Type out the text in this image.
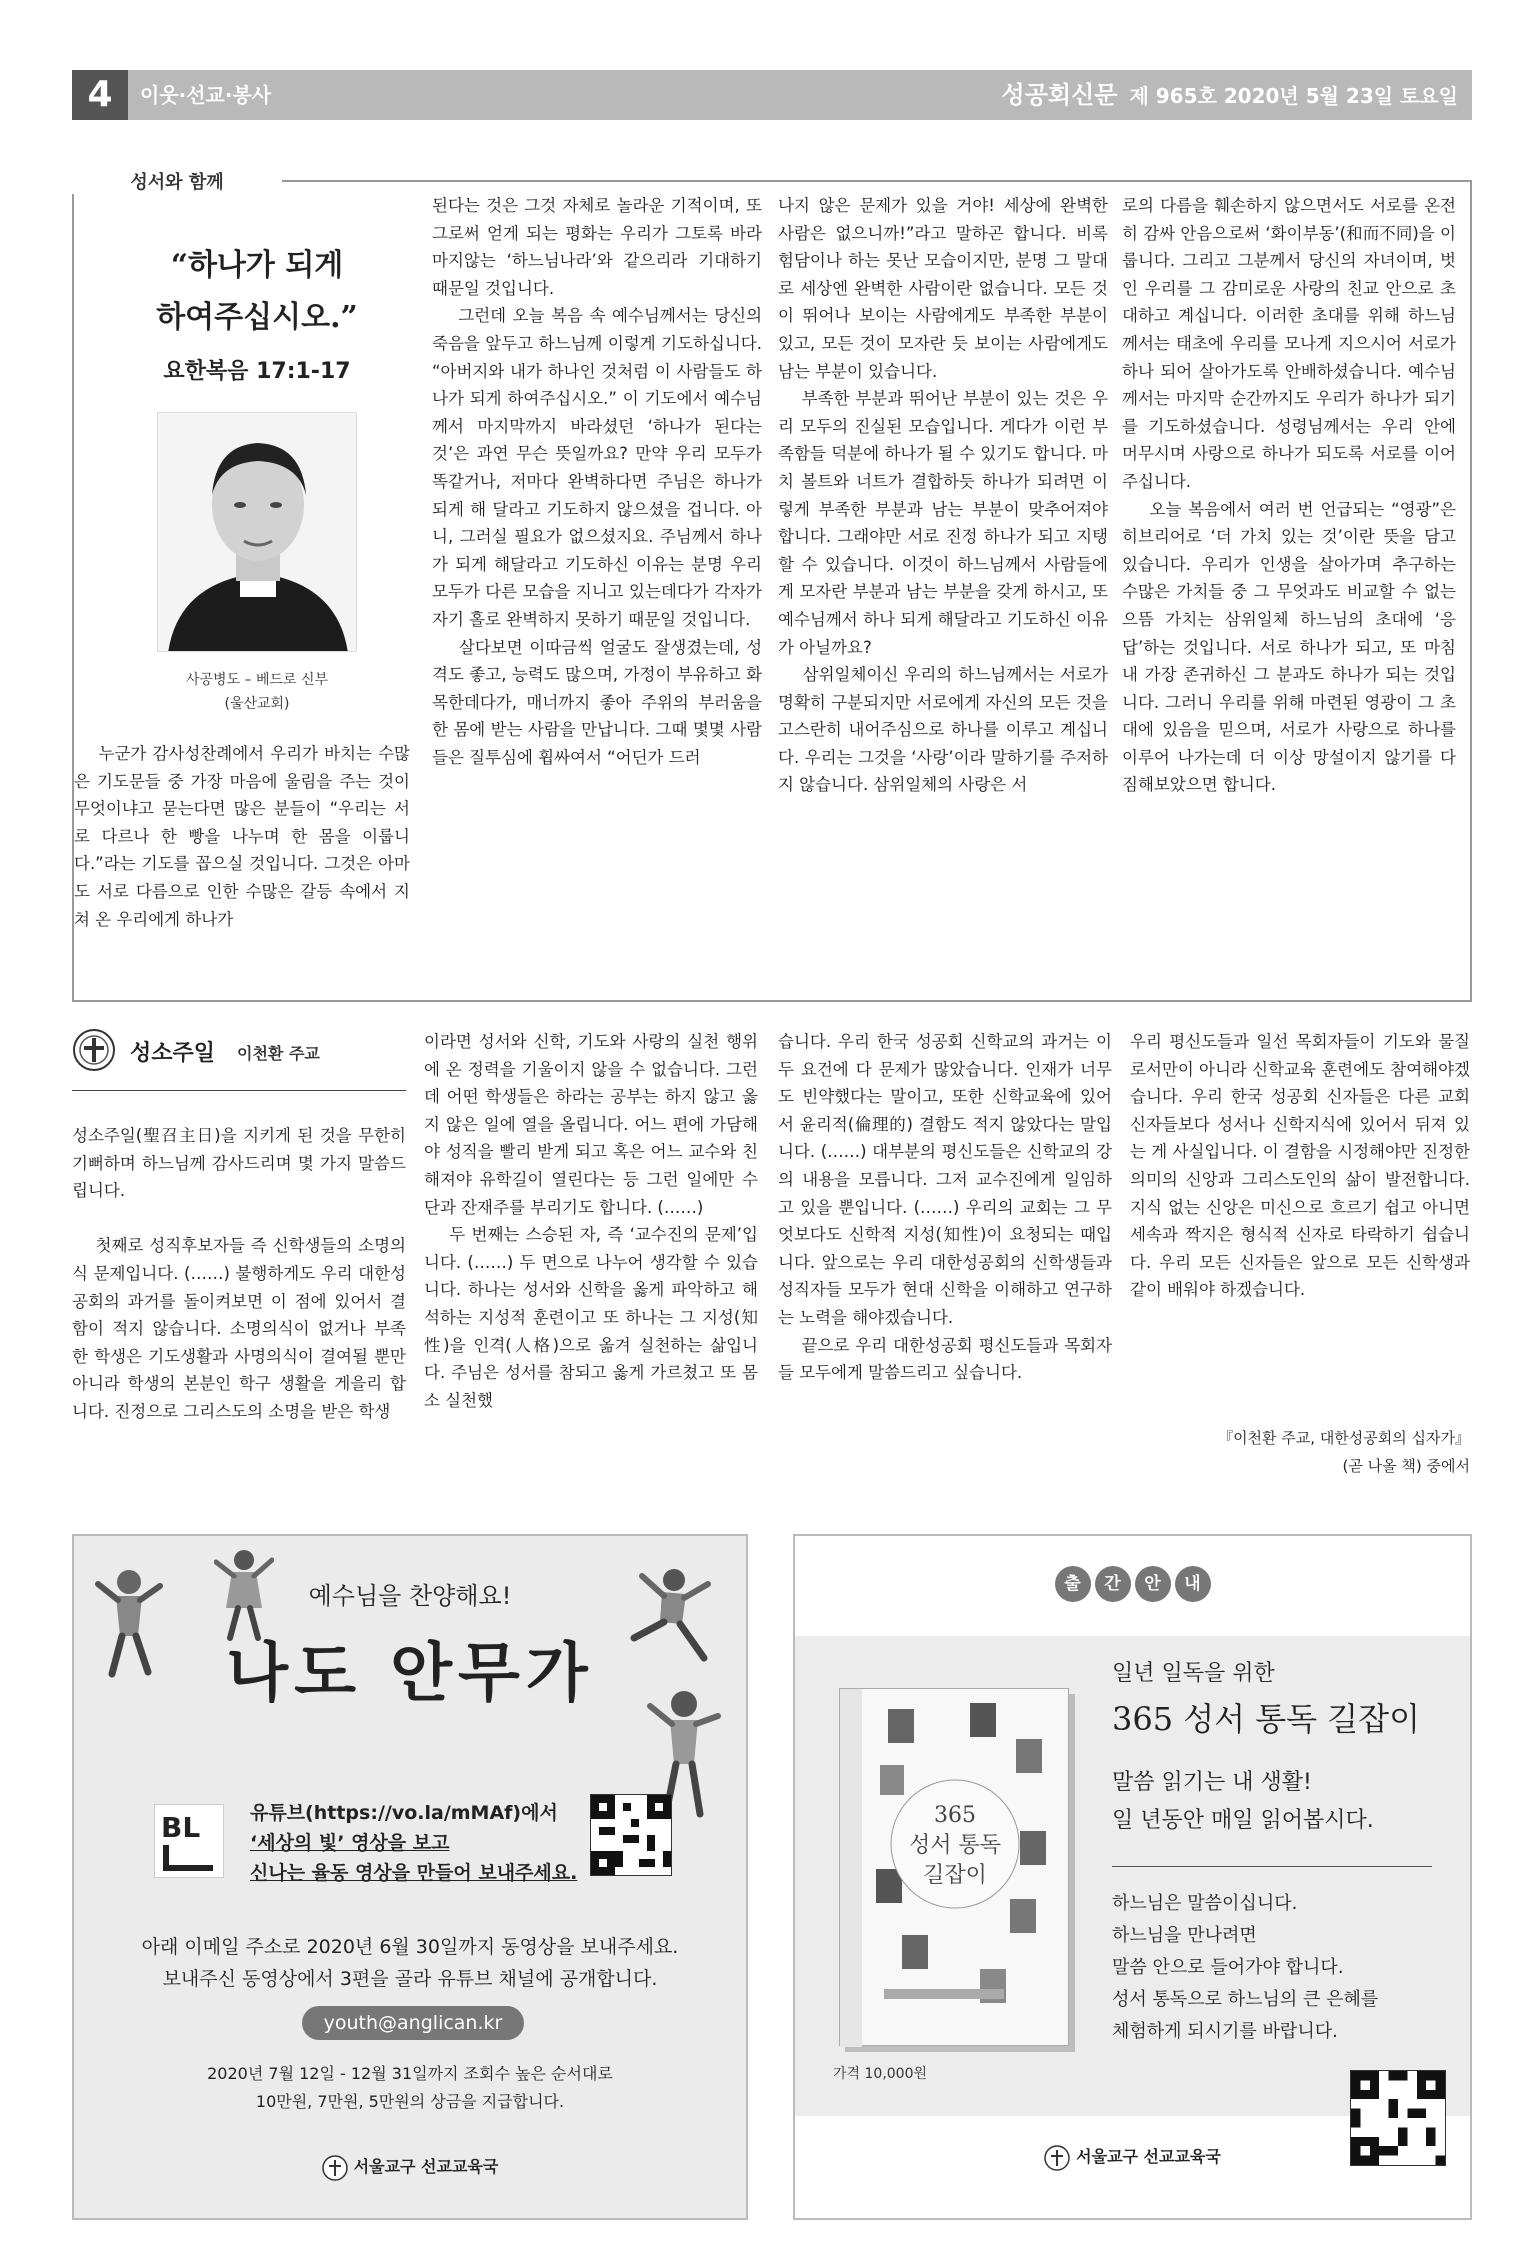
4	이웃·선교·봉사	성공회신문 제 965호 2020년 5월 23일 토요일
성서와 함께
“하나가 되게
하여주십시오.”
요한복음 17:1-17
사공병도 – 베드로 신부
(울산교회)
누군가 감사성찬례에서 우리가 바치는 수많은 기도문들 중 가장 마음에 울림을 주는 것이 무엇이냐고 묻는다면 많은 분들이 “우리는 서로 다르나 한 빵을 나누며 한 몸을 이룹니다.”라는 기도를 꼽으실 것입니다. 그것은 아마도 서로 다름으로 인한 수많은 갈등 속에서 지쳐 온 우리에게 하나가
된다는 것은 그것 자체로 놀라운 기적이며, 또 그로써 얻게 되는 평화는 우리가 그토록 바라 마지않는 ‘하느님나라’와 같으리라 기대하기 때문일 것입니다.
그런데 오늘 복음 속 예수님께서는 당신의 죽음을 앞두고 하느님께 이렇게 기도하십니다. “아버지와 내가 하나인 것처럼 이 사람들도 하나가 되게 하여주십시오.” 이 기도에서 예수님께서 마지막까지 바라셨던 ‘하나가 된다는 것’은 과연 무슨 뜻일까요? 만약 우리 모두가 똑같거나, 저마다 완벽하다면 주님은 하나가 되게 해 달라고 기도하지 않으셨을 겁니다. 아니, 그러실 필요가 없으셨지요. 주님께서 하나가 되게 해달라고 기도하신 이유는 분명 우리 모두가 다른 모습을 지니고 있는데다가 각자가 자기 홀로 완벽하지 못하기 때문일 것입니다.
살다보면 이따금씩 얼굴도 잘생겼는데, 성격도 좋고, 능력도 많으며, 가정이 부유하고 화목한데다가, 매너까지 좋아 주위의 부러움을 한 몸에 받는 사람을 만납니다. 그때 몇몇 사람들은 질투심에 휩싸여서 “어딘가 드러
나지 않은 문제가 있을 거야! 세상에 완벽한 사람은 없으니까!”라고 말하곤 합니다. 비록 험담이나 하는 못난 모습이지만, 분명 그 말대로 세상엔 완벽한 사람이란 없습니다. 모든 것이 뛰어나 보이는 사람에게도 부족한 부분이 있고, 모든 것이 모자란 듯 보이는 사람에게도 남는 부분이 있습니다.
부족한 부분과 뛰어난 부분이 있는 것은 우리 모두의 진실된 모습입니다. 게다가 이런 부족함들 덕분에 하나가 될 수 있기도 합니다. 마치 볼트와 너트가 결합하듯 하나가 되려면 이렇게 부족한 부분과 남는 부분이 맞추어져야 합니다. 그래야만 서로 진정 하나가 되고 지탱할 수 있습니다. 이것이 하느님께서 사람들에게 모자란 부분과 남는 부분을 갖게 하시고, 또 예수님께서 하나 되게 해달라고 기도하신 이유가 아닐까요?
삼위일체이신 우리의 하느님께서는 서로가 명확히 구분되지만 서로에게 자신의 모든 것을 고스란히 내어주심으로 하나를 이루고 계십니다. 우리는 그것을 ‘사랑’이라 말하기를 주저하지 않습니다. 삼위일체의 사랑은 서
로의 다름을 훼손하지 않으면서도 서로를 온전히 감싸 안음으로써 ‘화이부동’(和而不同)을 이룹니다. 그리고 그분께서 당신의 자녀이며, 벗인 우리를 그 감미로운 사랑의 친교 안으로 초대하고 계십니다. 이러한 초대를 위해 하느님께서는 태초에 우리를 모나게 지으시어 서로가 하나 되어 살아가도록 안배하셨습니다. 예수님께서는 마지막 순간까지도 우리가 하나가 되기를 기도하셨습니다. 성령님께서는 우리 안에 머무시며 사랑으로 하나가 되도록 서로를 이어주십니다.
오늘 복음에서 여러 번 언급되는 “영광”은 히브리어로 ‘더 가치 있는 것’이란 뜻을 담고 있습니다. 우리가 인생을 살아가며 추구하는 수많은 가치들 중 그 무엇과도 비교할 수 없는 으뜸 가치는 삼위일체 하느님의 초대에 ‘응답’하는 것입니다. 서로 하나가 되고, 또 마침내 가장 존귀하신 그 분과도 하나가 되는 것입니다. 그러니 우리를 위해 마련된 영광이 그 초대에 있음을 믿으며, 서로가 사랑으로 하나를 이루어 나가는데 더 이상 망설이지 않기를 다짐해보았으면 합니다.
성소주일 이천환 주교
성소주일(聖召主日)을 지키게 된 것을 무한히 기뻐하며 하느님께 감사드리며 몇 가지 말씀드립니다.

첫째로 성직후보자들 즉 신학생들의 소명의식 문제입니다. (……) 불행하게도 우리 대한성공회의 과거를 돌이켜보면 이 점에 있어서 결함이 적지 않습니다. 소명의식이 없거나 부족한 학생은 기도생활과 사명의식이 결여될 뿐만 아니라 학생의 본분인 학구 생활을 게을리 합니다. 진정으로 그리스도의 소명을 받은 학생
이라면 성서와 신학, 기도와 사랑의 실천 행위에 온 정력을 기울이지 않을 수 없습니다. 그런데 어떤 학생들은 하라는 공부는 하지 않고 옳지 않은 일에 열을 올립니다. 어느 편에 가담해야 성직을 빨리 받게 되고 혹은 어느 교수와 친해져야 유학길이 열린다는 등 그런 일에만 수단과 잔재주를 부리기도 합니다. (……)
두 번째는 스승된 자, 즉 ‘교수진의 문제’입니다. (……) 두 면으로 나누어 생각할 수 있습니다. 하나는 성서와 신학을 옳게 파악하고 해석하는 지성적 훈련이고 또 하나는 그 지성(知性)을 인격(人格)으로 옮겨 실천하는 삶입니다. 주님은 성서를 참되고 옳게 가르쳤고 또 몸소 실천했
습니다. 우리 한국 성공회 신학교의 과거는 이 두 요건에 다 문제가 많았습니다. 인재가 너무도 빈약했다는 말이고, 또한 신학교육에 있어서 윤리적(倫理的) 결함도 적지 않았다는 말입니다. (……) 대부분의 평신도들은 신학교의 강의 내용을 모릅니다. 그저 교수진에게 일임하고 있을 뿐입니다. (……) 우리의 교회는 그 무엇보다도 신학적 지성(知性)이 요청되는 때입니다. 앞으로는 우리 대한성공회의 신학생들과 성직자들 모두가 현대 신학을 이해하고 연구하는 노력을 해야겠습니다.
끝으로 우리 대한성공회 평신도들과 목회자들 모두에게 말씀드리고 싶습니다.
우리 평신도들과 일선 목회자들이 기도와 물질로서만이 아니라 신학교육 훈련에도 참여해야겠습니다. 우리 한국 성공회 신자들은 다른 교회 신자들보다 성서나 신학지식에 있어서 뒤져 있는 게 사실입니다. 이 결함을 시정해야만 진정한 의미의 신앙과 그리스도인의 삶이 발전합니다. 지식 없는 신앙은 미신으로 흐르기 쉽고 아니면 세속과 짝지은 형식적 신자로 타락하기 쉽습니다. 우리 모든 신자들은 앞으로 모든 신학생과 같이 배워야 하겠습니다.
『이천환 주교, 대한성공회의 십자가』
(곧 나올 책) 중에서
예수님을 찬양해요!
나도 안무가
BL	유튜브(https://vo.la/mMAf)에서
‘세상의 빛’ 영상을 보고
신나는 율동 영상을 만들어 보내주세요.
아래 이메일 주소로 2020년 6월 30일까지 동영상을 보내주세요.
보내주신 동영상에서 3편을 골라 유튜브 채널에 공개합니다.
youth@anglican.kr
2020년 7월 12일 - 12월 31일까지 조회수 높은 순서대로
10만원, 7만원, 5만원의 상금을 지급합니다.
서울교구 선교교육국
출 간 안 내
365
성서 통독
길잡이
가격 10,000원
일년 일독을 위한
365 성서 통독 길잡이
말씀 읽기는 내 생활!
일 년동안 매일 읽어봅시다.
하느님은 말씀이십니다.
하느님을 만나려면
말씀 안으로 들어가야 합니다.
성서 통독으로 하느님의 큰 은혜를
체험하게 되시기를 바랍니다.
서울교구 선교교육국
